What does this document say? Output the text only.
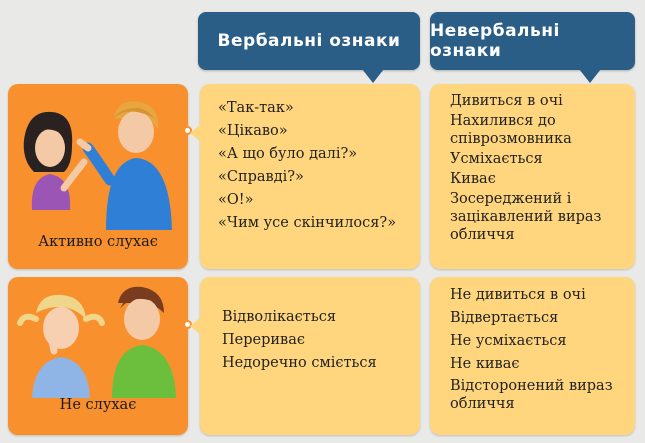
Вербальні ознаки Невербальні ознаки
Активно слухає
«Так-так»
«Цікаво»
«А що було далі?»
«Справді?»
«О!»
«Чим усе скінчилося?»
Дивиться в очі
Нахилився до співрозмовника
Усміхається
Киває
Зосереджений і зацікавлений вираз обличчя
Не слухає
Відволікається
Перериває
Недоречно сміється
Не дивиться в очі
Відвертається
Не усміхається
Не киває
Відсторонений вираз обличчя
